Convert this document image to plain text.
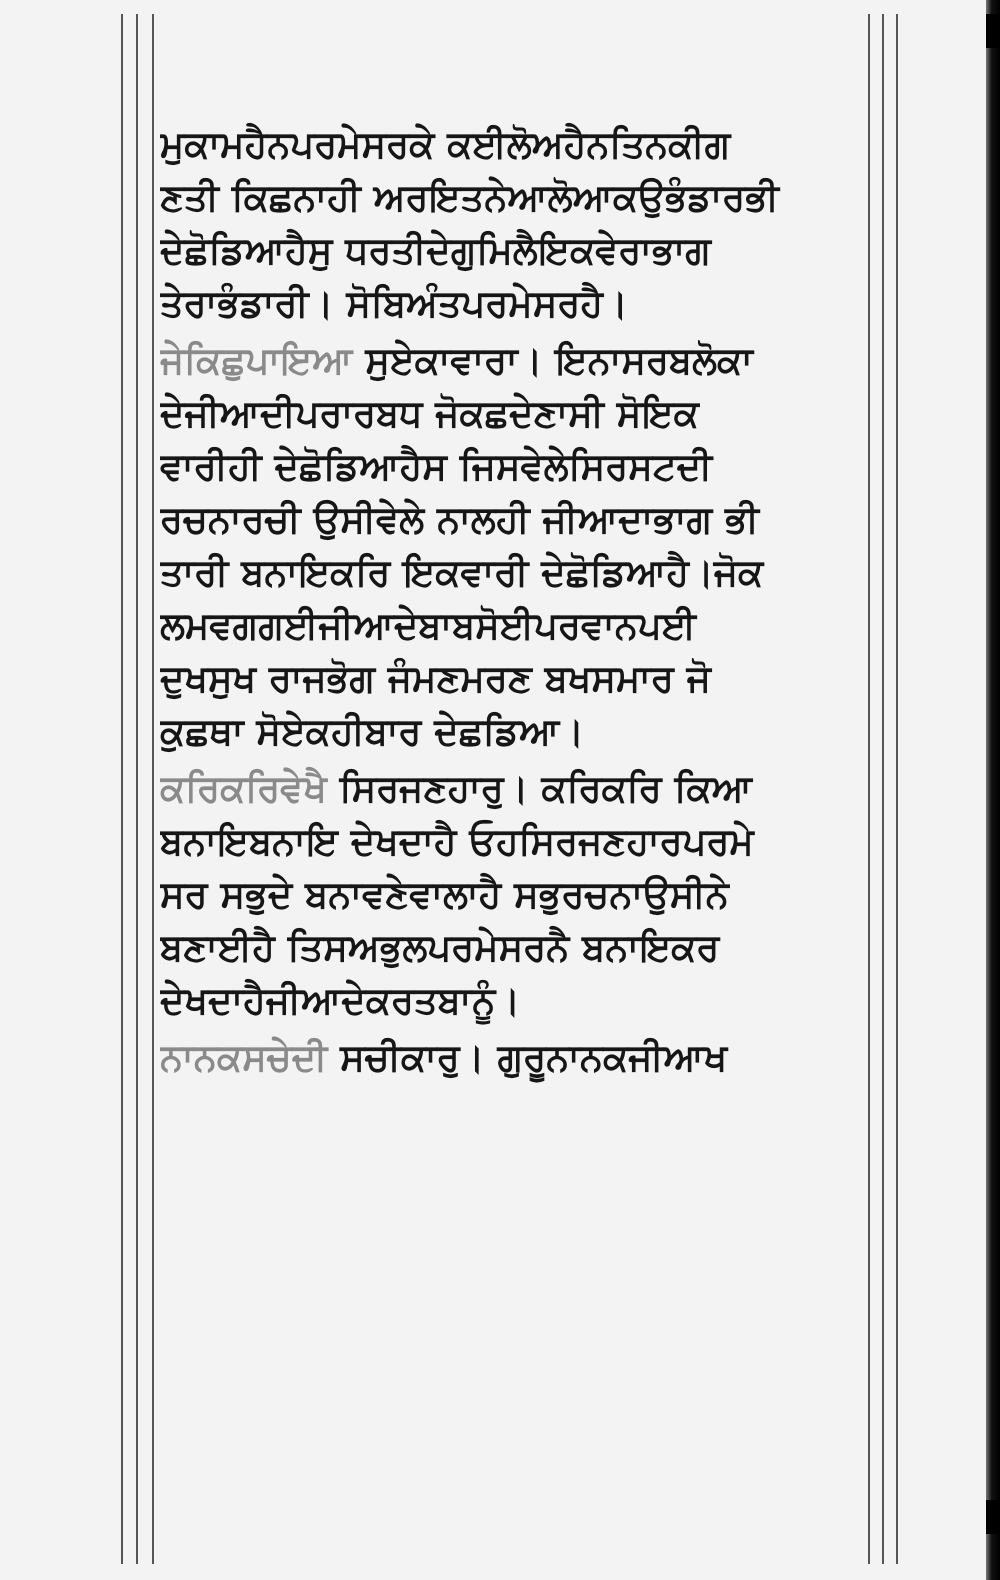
ਮੁਕਾਮਹੈਨਪਰਮੇਸਰਕੇ ਕਈਲੋਅਹੈਨਤਿਨਕੀਗ
ਣਤੀ ਕਿਛਨਾਹੀ ਅਰਇਤਨੇਆਲੋਆਕਉਭੰਡਾਰਭੀ
ਦੇਛੋਡਿਆਹੈਸੁ ਧਰਤੀਦੇਗੁਮਿਲੈਇਕਵੇਰਾਭਾਗ
ਤੇਰਾਭੰਡਾਰੀ। ਸੋਬਿਅੰਤਪਰਮੇਸਰਹੈ।
ਜੇਕਿਛੁਪਾਇਆ ਸੁਏਕਾਵਾਰਾ। ਇਨਾਸਰਬਲੋਕਾ
ਦੇਜੀਆਦੀਪਰਾਰਬਧ ਜੋਕਛਦੇਣਾਸੀ ਸੋਇਕ
ਵਾਰੀਹੀ ਦੇਛੋਡਿਆਹੈਸ ਜਿਸਵੇਲੇਸਿਰਸਟਦੀ
ਰਚਨਾਰਚੀ ਉਸੀਵੇਲੇ ਨਾਲਹੀ ਜੀਆਦਾਭਾਗ ਭੀ
ਤਾਰੀ ਬਨਾਇਕਰਿ ਇਕਵਾਰੀ ਦੇਛੋਡਿਆਹੈ।ਜੋਕ
ਲਮਵਗਗਈਜੀਆਦੇਬਾਬਸੋਈਪਰਵਾਨਪਈ
ਦੁਖਸੁਖ ਰਾਜਭੋਗ ਜੰਮਣਮਰਣ ਬਖਸਮਾਰ ਜੋ
ਕੁਛਥਾ ਸੋਏਕਹੀਬਾਰ ਦੇਛਡਿਆ।
ਕਰਿਕਰਿਵੇਖੈ ਸਿਰਜਣਹਾਰੁ। ਕਰਿਕਰਿ ਕਿਆ
ਬਨਾਇਬਨਾਇ ਦੇਖਦਾਹੈ ਓਹਸਿਰਜਣਹਾਰਪਰਮੇ
ਸਰ ਸਭੁਦੇ ਬਨਾਵਣੇਵਾਲਾਹੈ ਸਭੁਰਚਨਾਉਸੀਨੇ
ਬਣਾਈਹੈ ਤਿਸਅਭੁਲਪਰਮੇਸਰਨੈ ਬਨਾਇਕਰ
ਦੇਖਦਾਹੈਜੀਆਦੇਕਰਤਬਾਨੂੰ।
ਨਾਨਕਸਚੇਦੀ ਸਚੀਕਾਰੁ। ਗੁਰੂਨਾਨਕਜੀਆਖ
